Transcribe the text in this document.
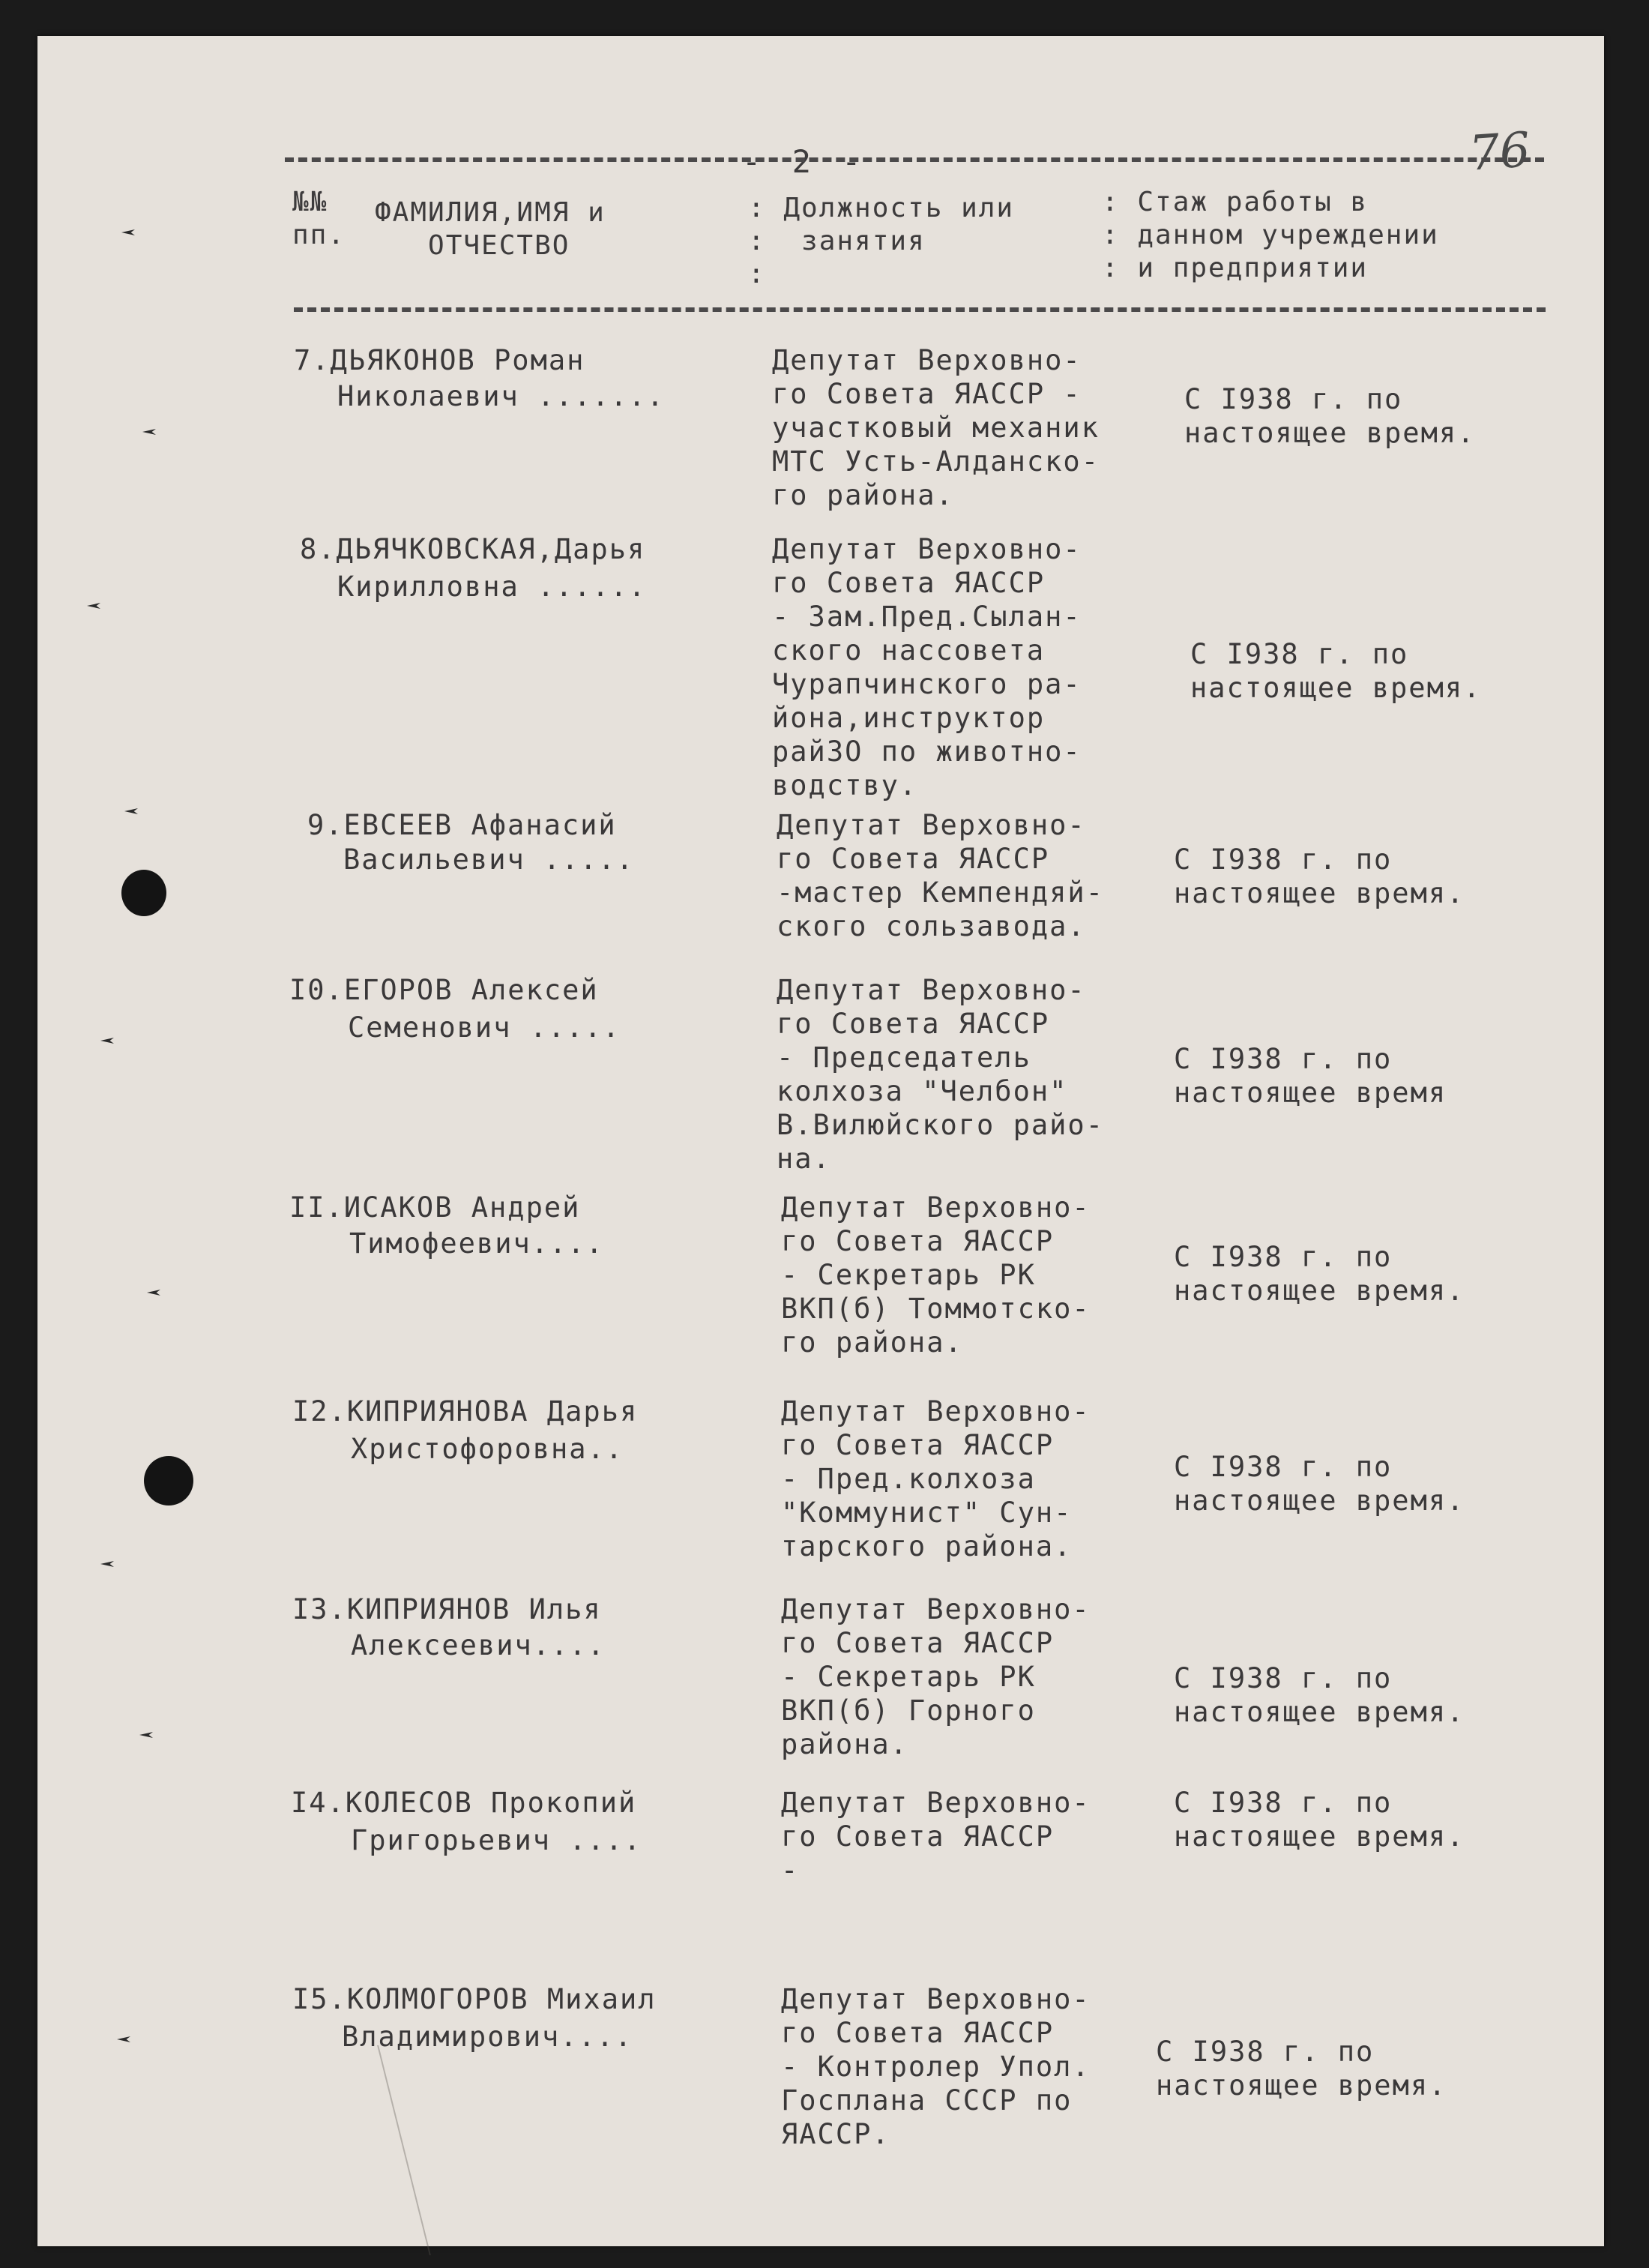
- 2 -	76
№№
пп.
ФАМИЛИЯ,ИМЯ и
ОТЧЕСТВО
: Должность или
:  занятия
:
: Стаж работы в
: данном учреждении
: и предприятии
7.ДЬЯКОНОВ Роман
Николаевич .......
Депутат Верховно-
го Совета ЯАССР -
участковый механик
МТС Усть-Алданско-
го района.
С I938 г. по
настоящее время.
8.ДЬЯЧКОВСКАЯ,Дарья
Кирилловна ......
Депутат Верховно-
го Совета ЯАССР
- Зам.Пред.Сылан-
ского нассовета
Чурапчинского ра-
йона,инструктор
райЗО по животно-
водству.
С I938 г. по
настоящее время.
9.ЕВСЕЕВ Афанасий
Васильевич .....
Депутат Верховно-
го Совета ЯАССР
-мастер Кемпендяй-
ского сользавода.
С I938 г. по
настоящее время.
I0.ЕГОРОВ Алексей
Семенович .....
Депутат Верховно-
го Совета ЯАССР
- Председатель
колхоза "Челбон"
В.Вилюйского райо-
на.
С I938 г. по
настоящее время
II.ИСАКОВ Андрей
Тимофеевич....
Депутат Верховно-
го Совета ЯАССР
- Секретарь РК
ВКП(б) Томмотско-
го района.
С I938 г. по
настоящее время.
I2.КИПРИЯНОВА Дарья
Христофоровна..
Депутат Верховно-
го Совета ЯАССР
- Пред.колхоза
"Коммунист" Сун-
тарского района.
С I938 г. по
настоящее время.
I3.КИПРИЯНОВ Илья
Алексеевич....
Депутат Верховно-
го Совета ЯАССР
- Секретарь РК
ВКП(б) Горного
района.
С I938 г. по
настоящее время.
I4.КОЛЕСОВ Прокопий
Григорьевич ....
Депутат Верховно-
го Совета ЯАССР
-
С I938 г. по
настоящее время.
I5.КОЛМОГОРОВ Михаил
Владимирович....
Депутат Верховно-
го Совета ЯАССР
- Контролер Упол.
Госплана СССР по
ЯАССР.
С I938 г. по
настоящее время.
